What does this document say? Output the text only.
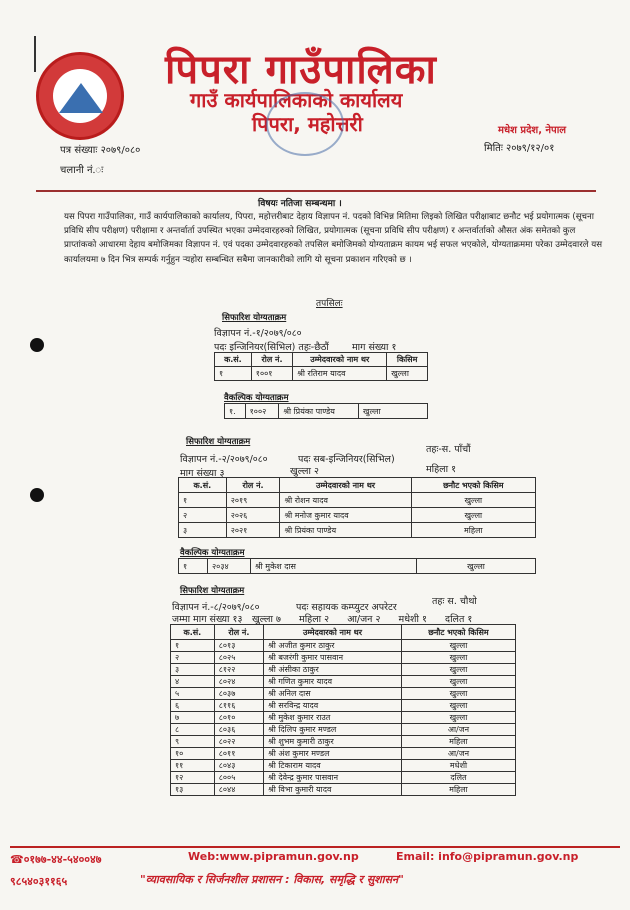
पिपरा गाउँपालिका
गाउँ कार्यपालिकाको कार्यालय
पिपरा, महोत्तरी	मधेश प्रदेश, नेपाल
पत्र संख्याः २०७९/०८०	मितिः २०७९/१२/०१
चलानी नं.ः
विषयः नतिजा सम्बन्धमा ।
यस पिपरा गाउँपालिका, गाउँ कार्यपालिकाको कार्यालय, पिपरा, महोत्तरीबाट देहाय विज्ञापन नं. पदको विभिन्न मितिमा लिइको लिखित परीक्षाबाट छनौट भई प्रयोगात्मक (सूचना प्रविधि सीप परीक्षण) परीक्षामा र अन्तर्वार्ता उपस्थित भएका उम्मेदवारहरुको लिखित, प्रयोगात्मक (सूचना प्रविधि सीप परीक्षण) र अन्तर्वार्ताको औसत अंक समेतको कुल प्राप्तांकको आधारमा देहाय बमोजिमका विज्ञापन नं. एवं पदका उम्मेदवारहरुको तपसिल बमोजिमको योग्यताक्रम कायम भई सफल भएकोले, योग्यताक्रममा परेका उम्मेदवारले यस कार्यालयमा ७ दिन भित्र सम्पर्क गर्नुहुन र्‍यहोरा सम्बन्धित सबैमा जानकारीको लागि यो सूचना प्रकाशन गरिएको छ ।
तपसिलः
सिफारिश योग्यताक्रम
विज्ञापन नं.-१/२०७९/०८०
पदः इन्जिनियर(सिभिल) तहः-छैठौं माग संख्या १
क.सं.	रोल नं.	उम्मेदवारको नाम थर	किसिम
१	१००१	श्री रतिराम यादव	खुल्ला
वैकल्पिक योग्यताक्रम
१.	१००२	श्री प्रियंका पाण्डेय	खुल्ला
सिफारिश योग्यताक्रम
विज्ञापन नं.-२/२०७९/०८०	पदः सब-इन्जिनियर(सिभिल)
तहः-स. पाँचौं
माग संख्या ३	खुल्ला २	महिला १
क.सं.	रोल नं.	उम्मेदवारको नाम थर	छनौट भएको किसिम
१	२०१९	श्री रोशन यादव	खुल्ला
२	२०२६	श्री मनोज कुमार यादव	खुल्ला
३	२०२१	श्री प्रियंका पाण्डेय	महिला
वैकल्पिक योग्यताक्रम
१	२०३४	श्री मुकेश दास	खुल्ला
सिफारिश योग्यताक्रम
विज्ञापन नं.-८/२०७९/०८०	पदः सहायक कम्प्युटर अपरेटर
तहः स. चौथो
जम्मा माग संख्या १३ खुल्ला ७      महिला २      आ/जन २      मधेशी १      दलित १
क.सं.	रोल नं.	उम्मेदवारको नाम थर	छनौट भएको किसिम
१	८०१३	श्री अजीत कुमार ठाकुर	खुल्ला
२	८०२५	श्री बजरंगी कुमार पासवान	खुल्ला
३	८१२२	श्री अंसीका ठाकुर	खुल्ला
४	८०२४	श्री गणित कुमार यादव	खुल्ला
५	८०३७	श्री अनिल दास	खुल्ला
६	८११६	श्री सरविन्द्र यादव	खुल्ला
७	८०१०	श्री मुकेश कुमार राउत	खुल्ला
८	८०३६	श्री दिलिप कुमार मण्डल	आ/जन
९	८०२२	श्री शुभम कुमारी ठाकुर	महिला
१०	८०११	श्री अंश कुमार मण्डल	आ/जन
११	८०४३	श्री टिकाराम यादव	मधेशी
१२	८००५	श्री देवेन्द्र कुमार पासवान	दलित
१३	८०४४	श्री विभा कुमारी यादव	महिला
☎०१७७-४४-५४००४७	Web:www.pipramun.gov.np	Email: info@pipramun.gov.np
९८५४०३११६५	"व्यावसायिक र सिर्जनशील प्रशासन : विकास, समृद्धि र सुशासन"
